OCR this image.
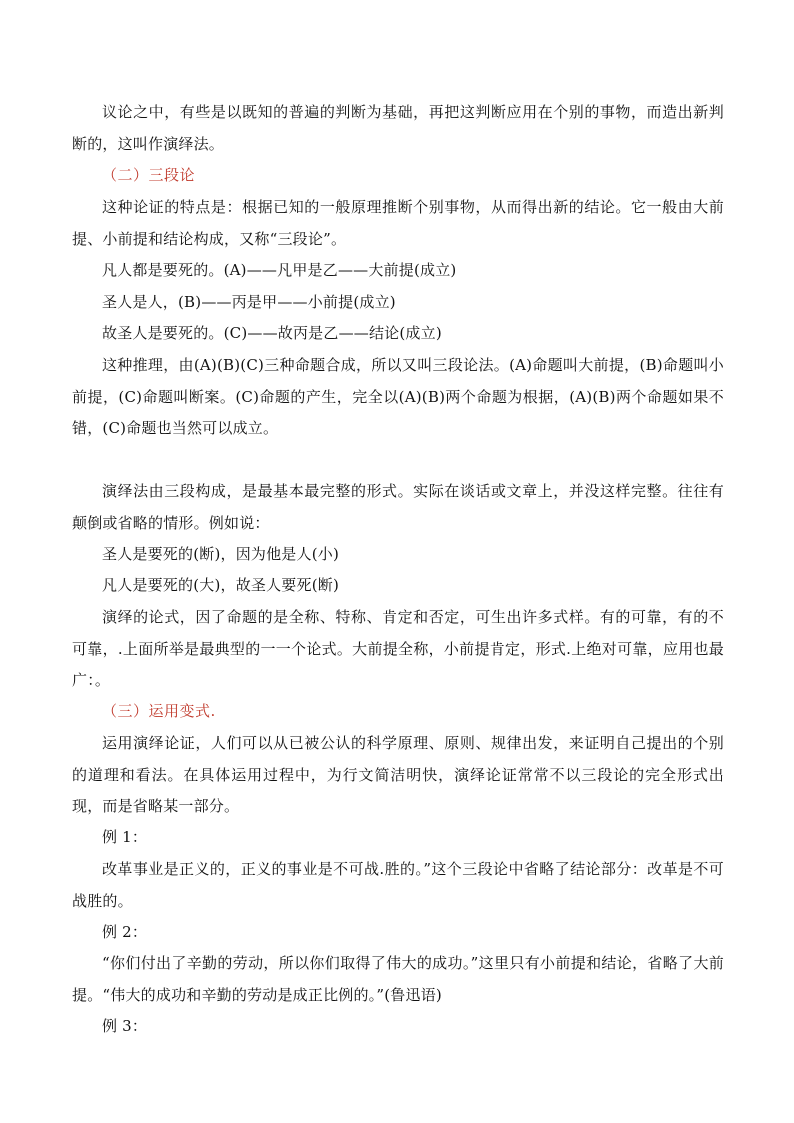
议论之中，有些是以既知的普遍的判断为基础，再把这判断应用在个别的事物，而造出新判断的，这叫作演绎法。

（二）三段论

这种论证的特点是：根据已知的一般原理推断个别事物，从而得出新的结论。它一般由大前提、小前提和结论构成，又称“三段论”。

凡人都是要死的。(A)——凡甲是乙——大前提(成立)

圣人是人，(B)——丙是甲——小前提(成立)

故圣人是要死的。(C)——故丙是乙——结论(成立)

这种推理，由(A)(B)(C)三种命题合成，所以又叫三段论法。(A)命题叫大前提，(B)命题叫小前提，(C)命题叫断案。(C)命题的产生，完全以(A)(B)两个命题为根据，(A)(B)两个命题如果不错，(C)命题也当然可以成立。

演绎法由三段构成，是最基本最完整的形式。实际在谈话或文章上，并没这样完整。往往有颠倒或省略的情形。例如说：

圣人是要死的(断)，因为他是人(小)

凡人是要死的(大)，故圣人要死(断)

演绎的论式，因了命题的是全称、特称、肯定和否定，可生出许多式样。有的可靠，有的不可靠，.上面所举是最典型的一一个论式。大前提全称，小前提肯定，形式.上绝对可靠，应用也最广：。

（三）运用变式.

运用演绎论证，人们可以从已被公认的科学原理、原则、规律出发，来证明自己提出的个别的道理和看法。在具体运用过程中，为行文简洁明快，演绎论证常常不以三段论的完全形式出现，而是省略某一部分。

例 1：

改革事业是正义的，正义的事业是不可战.胜的。”这个三段论中省略了结论部分：改革是不可战胜的。

例 2：

“你们付出了辛勤的劳动，所以你们取得了伟大的成功。”这里只有小前提和结论，省略了大前提。“伟大的成功和辛勤的劳动是成正比例的。”(鲁迅语)

例 3：
